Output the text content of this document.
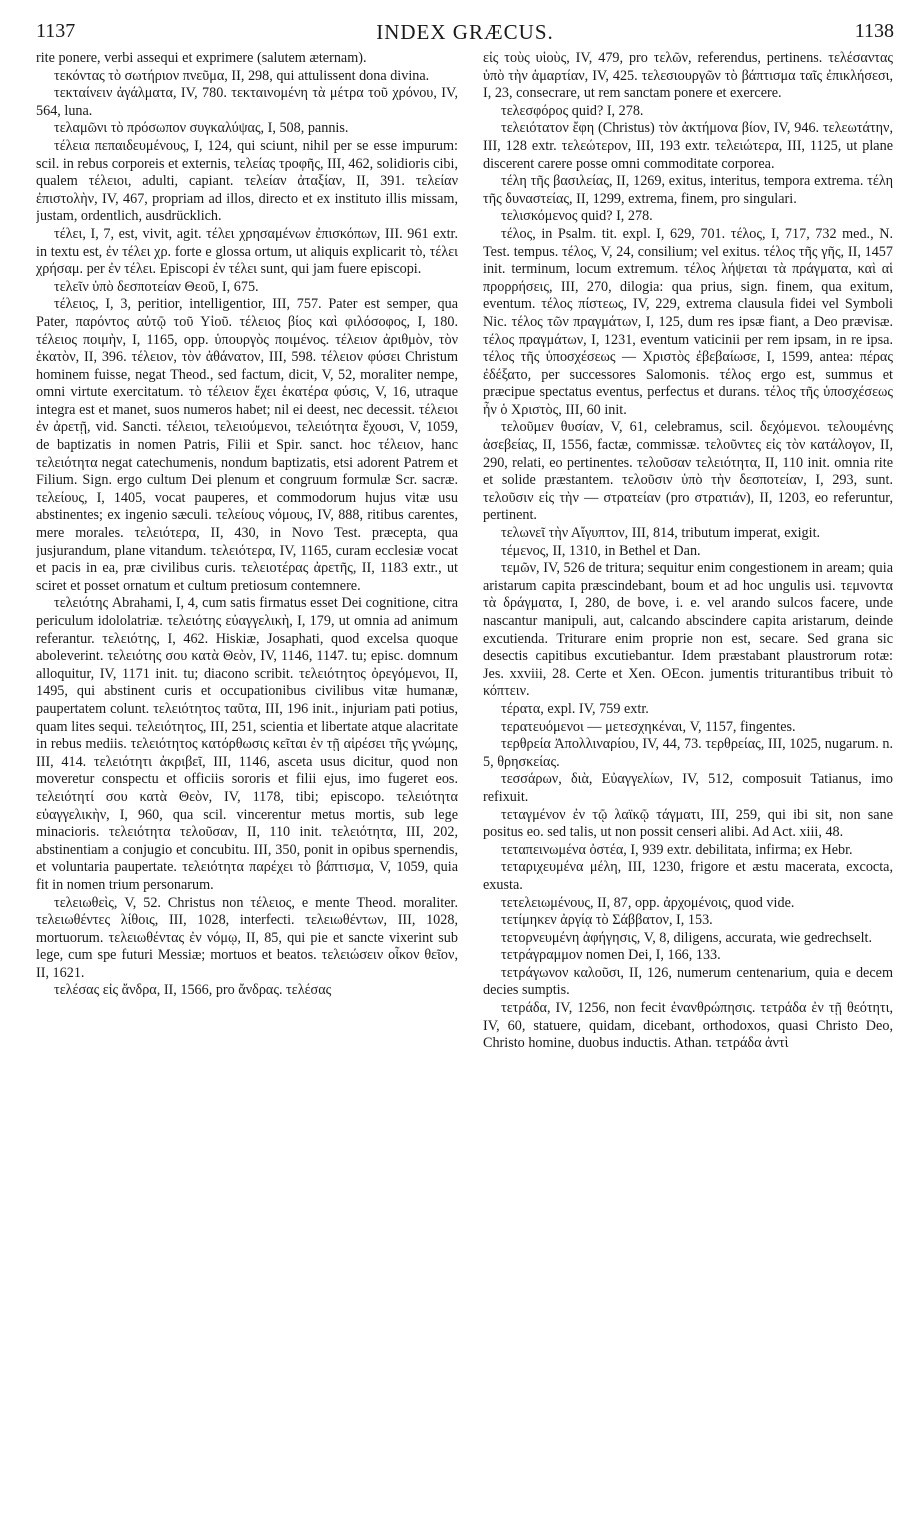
1137	INDEX GRÆCUS.	1138

rite ponere, verbi assequi et exprimere (salutem æternam).

τεκόντας τὸ σωτήριον πνεῦμα, II, 298, qui attulissent dona divina.

τεκταίνειν ἀγάλματα, IV, 780. τεκταινομένη τὰ μέτρα τοῦ χρόνου, IV, 564, luna.

τελαμῶνι τὸ πρόσωπον συγκαλύψας, I, 508, pannis.

τέλεια πεπαιδευμένους, I, 124, qui sciunt, nihil per se esse impurum: scil. in rebus corporeis et externis, τελείας τροφῆς, III, 462, solidioris cibi, qualem τέλειοι, adulti, capiant. τελείαν ἀταξίαν, II, 391. τελείαν ἐπιστολὴν, IV, 467, propriam ad illos, directo et ex instituto illis missam, justam, ordentlich, ausdrücklich.

τέλει, I, 7, est, vivit, agit. τέλει χρησαμένων ἐπισκόπων, III. 961 extr. in textu est, ἐν τέλει χρ. forte e glossa ortum, ut aliquis explicarit τὸ, τέλει χρήσαμ. per ἐν τέλει. Episcopi ἐν τέλει sunt, qui jam fuere episcopi.

τελεῖν ὑπὸ δεσποτείαν Θεοῦ, I, 675.

τέλειος, I, 3, peritior, intelligentior, III, 757. Pater est semper, qua Pater, παρόντος αὐτῷ τοῦ Υἱοῦ. τέλειος βίος καὶ φιλόσοφος, I, 180. τέλειος ποιμὴν, I, 1165, opp. ὑπουργὸς ποιμένος. τέλειον ἀριθμὸν, τὸν ἑκατὸν, II, 396. τέλειον, τὸν ἀθάνατον, III, 598. τέλειον φύσει Christum hominem fuisse, negat Theod., sed factum, dicit, V, 52, moraliter nempe, omni virtute exercitatum. τὸ τέλειον ἔχει ἑκατέρα φύσις, V, 16, utraque integra est et manet, suos numeros habet; nil ei deest, nec decessit. τέλειοι ἐν ἀρετῇ, vid. Sancti. τέλειοι, τελειούμενοι, τελειότητα ἔχουσι, V, 1059, de baptizatis in nomen Patris, Filii et Spir. sanct. hoc τέλειον, hanc τελειότητα negat catechumenis, nondum baptizatis, etsi adorent Patrem et Filium. Sign. ergo cultum Dei plenum et congruum formulæ Scr. sacræ. τελείους, I, 1405, vocat pauperes, et commodorum hujus vitæ usu abstinentes; ex ingenio sæculi. τελείους νόμους, IV, 888, ritibus carentes, mere morales. τελειότερα, II, 430, in Novo Test. præcepta, qua jusjurandum, plane vitandum. τελειότερα, IV, 1165, curam ecclesiæ vocat et pacis in ea, præ civilibus curis. τελειοτέρας ἀρετῆς, II, 1183 extr., ut sciret et posset ornatum et cultum pretiosum contemnere.

τελειότης Abrahami, I, 4, cum satis firmatus esset Dei cognitione, citra periculum idololatriæ. τελειότης εὐαγγελικὴ, I, 179, ut omnia ad animum referantur. τελειότης, I, 462. Hiskiæ, Josaphati, quod excelsa quoque aboleverint. τελειότης σου κατὰ Θεὸν, IV, 1146, 1147. tu; episc. domnum alloquitur, IV, 1171 init. tu; diacono scribit. τελειότητος ὀρεγόμενοι, II, 1495, qui abstinent curis et occupationibus civilibus vitæ humanæ, paupertatem colunt. τελειότητος ταῦτα, III, 196 init., injuriam pati potius, quam lites sequi. τελειότητος, III, 251, scientia et libertate atque alacritate in rebus mediis. τελειότητος κατόρθωσις κεῖται ἐν τῇ αἱρέσει τῆς γνώμης, III, 414. τελειότητι ἀκριβεῖ, III, 1146, asceta usus dicitur, quod non moveretur conspectu et officiis sororis et filii ejus, imo fugeret eos. τελειότητί σου κατὰ Θεὸν, IV, 1178, tibi; episcopo. τελειότητα εὐαγγελικὴν, I, 960, qua scil. vincerentur metus mortis, sub lege minacioris. τελειότητα τελοῦσαν, II, 110 init. τελειότητα, III, 202, abstinentiam a conjugio et concubitu. III, 350, ponit in opibus spernendis, et voluntaria paupertate. τελειότητα παρέχει τὸ βάπτισμα, V, 1059, quia fit in nomen trium personarum.

τελειωθεὶς, V, 52. Christus non τέλειος, e mente Theod. moraliter. τελειωθέντες λίθοις, III, 1028, interfecti. τελειωθέντων, III, 1028, mortuorum. τελειωθέντας ἐν νόμῳ, II, 85, qui pie et sancte vixerint sub lege, cum spe futuri Messiæ; mortuos et beatos. τελειώσειν οἶκον θεῖον, II, 1621.

τελέσας εἰς ἄνδρα, II, 1566, pro ἄνδρας. τελέσας

εἰς τοὺς υἱοὺς, IV, 479, pro τελῶν, referendus, pertinens. τελέσαντας ὑπὸ τὴν ἁμαρτίαν, IV, 425. τελεσιουργῶν τὸ βάπτισμα ταῖς ἐπικλήσεσι, I, 23, consecrare, ut rem sanctam ponere et exercere.

τελεσφόρος quid? I, 278.

τελειότατον ἔφη (Christus) τὸν ἀκτήμονα βίον, IV, 946. τελεωτάτην, III, 128 extr. τελεώτερον, III, 193 extr. τελειώτερα, III, 1125, ut plane discerent carere posse omni commoditate corporea.

τέλη τῆς βασιλείας, II, 1269, exitus, interitus, tempora extrema. τέλη τῆς δυναστείας, II, 1299, extrema, finem, pro singulari.

τελισκόμενος quid? I, 278.

τέλος, in Psalm. tit. expl. I, 629, 701. τέλος, I, 717, 732 med., N. Test. tempus. τέλος, V, 24, consilium; vel exitus. τέλος τῆς γῆς, II, 1457 init. terminum, locum extremum. τέλος λήψεται τὰ πράγματα, καὶ αἱ προρρήσεις, III, 270, dilogia: qua prius, sign. finem, qua exitum, eventum. τέλος πίστεως, IV, 229, extrema clausula fidei vel Symboli Nic. τέλος τῶν πραγμάτων, I, 125, dum res ipsæ fiant, a Deo prævisæ. τέλος πραγμάτων, I, 1231, eventum vaticinii per rem ipsam, in re ipsa. τέλος τῆς ὑποσχέσεως — Χριστὸς ἐβεβαίωσε, I, 1599, antea: πέρας ἐδέξατο, per successores Salomonis. τέλος ergo est, summus et præcipue spectatus eventus, perfectus et durans. τέλος τῆς ὑποσχέσεως ἦν ὁ Χριστὸς, III, 60 init.

τελοῦμεν θυσίαν, V, 61, celebramus, scil. δεχόμενοι. τελουμένης ἀσεβείας, II, 1556, factæ, commissæ. τελοῦντες εἰς τὸν κατάλογον, II, 290, relati, eo pertinentes. τελοῦσαν τελειότητα, II, 110 init. omnia rite et solide præstantem. τελοῦσιν ὑπὸ τὴν δεσποτείαν, I, 293, sunt. τελοῦσιν εἰς τὴν — στρατείαν (pro στρατιάν), II, 1203, eo referuntur, pertinent.

τελωνεῖ τὴν Αἴγυπτον, III, 814, tributum imperat, exigit.

τέμενος, II, 1310, in Bethel et Dan.

τεμῶν, IV, 526 de tritura; sequitur enim congestionem in aream; quia aristarum capita præscindebant, boum et ad hoc ungulis usi. τεμνοντα τὰ δράγματα, I, 280, de bove, i. e. vel arando sulcos facere, unde nascantur manipuli, aut, calcando abscindere capita aristarum, deinde excutienda. Triturare enim proprie non est, secare. Sed grana sic desectis capitibus excutiebantur. Idem præstabant plaustrorum rotæ: Jes. xxviii, 28. Certe et Xen. OEcon. jumentis triturantibus tribuit τὸ κόπτειν.

τέρατα, expl. IV, 759 extr.

τερατευόμενοι — μετεσχηκέναι, V, 1157, fingentes.

τερθρεία Ἀπολλιναρίου, IV, 44, 73. τερθρείας, III, 1025, nugarum. n. 5, θρησκείας.

τεσσάρων, διὰ, Εὐαγγελίων, IV, 512, composuit Tatianus, imo refixuit.

τεταγμένον ἐν τῷ λαϊκῷ τάγματι, III, 259, qui ibi sit, non sane positus eo. sed talis, ut non possit censeri alibi. Ad Act. xiii, 48.

τεταπεινωμένα ὀστέα, I, 939 extr. debilitata, infirma; ex Hebr.

τεταριχευμένα μέλη, III, 1230, frigore et æstu macerata, excocta, exusta.

τετελειωμένους, II, 87, opp. ἀρχομένοις, quod vide.

τετίμηκεν ἀργίᾳ τὸ Σάββατον, I, 153.

τετορνευμένη ἀφήγησις, V, 8, diligens, accurata, wie gedrechselt.

τετράγραμμον nomen Dei, I, 166, 133.

τετράγωνον καλοῦσι, II, 126, numerum centenarium, quia e decem decies sumptis.

τετράδα, IV, 1256, non fecit ἐνανθρώπησις. τετράδα ἐν τῇ θεότητι, IV, 60, statuere, quidam, dicebant, orthodoxos, quasi Christo Deo, Christo homine, duobus inductis. Athan. τετράδα ἀντὶ
